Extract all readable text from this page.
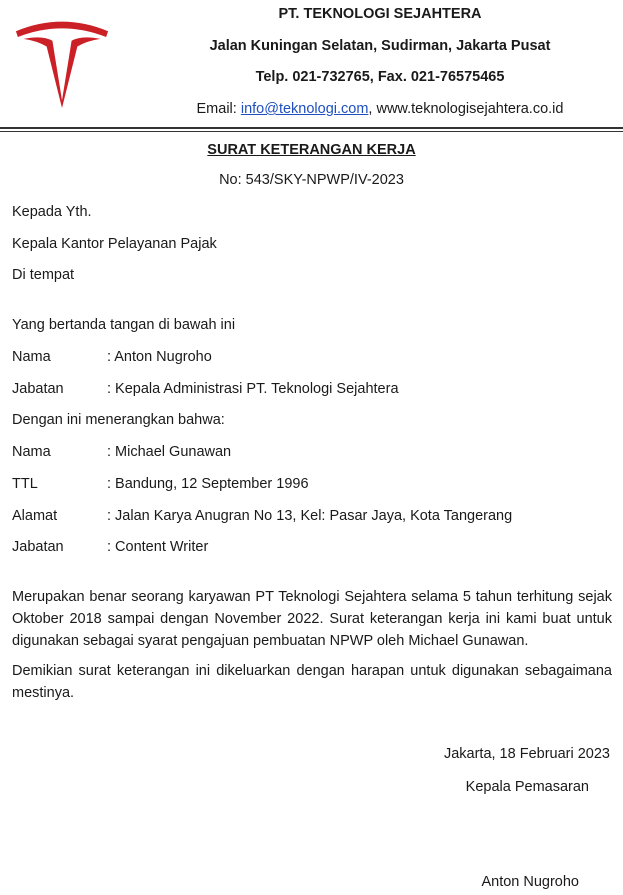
PT. TEKNOLOGI SEJAHTERA
Jalan Kuningan Selatan, Sudirman, Jakarta Pusat
Telp. 021-732765, Fax. 021-76575465
Email: info@teknologi.com, www.teknologisejahtera.co.id
SURAT KETERANGAN KERJA
No: 543/SKY-NPWP/IV-2023
Kepada Yth.
Kepala Kantor Pelayanan Pajak
Di tempat
Yang bertanda tangan di bawah ini
Nama	: Anton Nugroho
Jabatan	: Kepala Administrasi PT. Teknologi Sejahtera
Dengan ini menerangkan bahwa:
Nama	: Michael Gunawan
TTL	: Bandung, 12 September 1996
Alamat	: Jalan Karya Anugran No 13, Kel: Pasar Jaya, Kota Tangerang
Jabatan	: Content Writer
Merupakan benar seorang karyawan PT Teknologi Sejahtera selama 5 tahun terhitung sejak Oktober 2018 sampai dengan November 2022. Surat keterangan kerja ini kami buat untuk digunakan sebagai syarat pengajuan pembuatan NPWP oleh Michael Gunawan.
Demikian surat keterangan ini dikeluarkan dengan harapan untuk digunakan sebagaimana mestinya.
Jakarta, 18 Februari 2023
Kepala Pemasaran
Anton Nugroho
